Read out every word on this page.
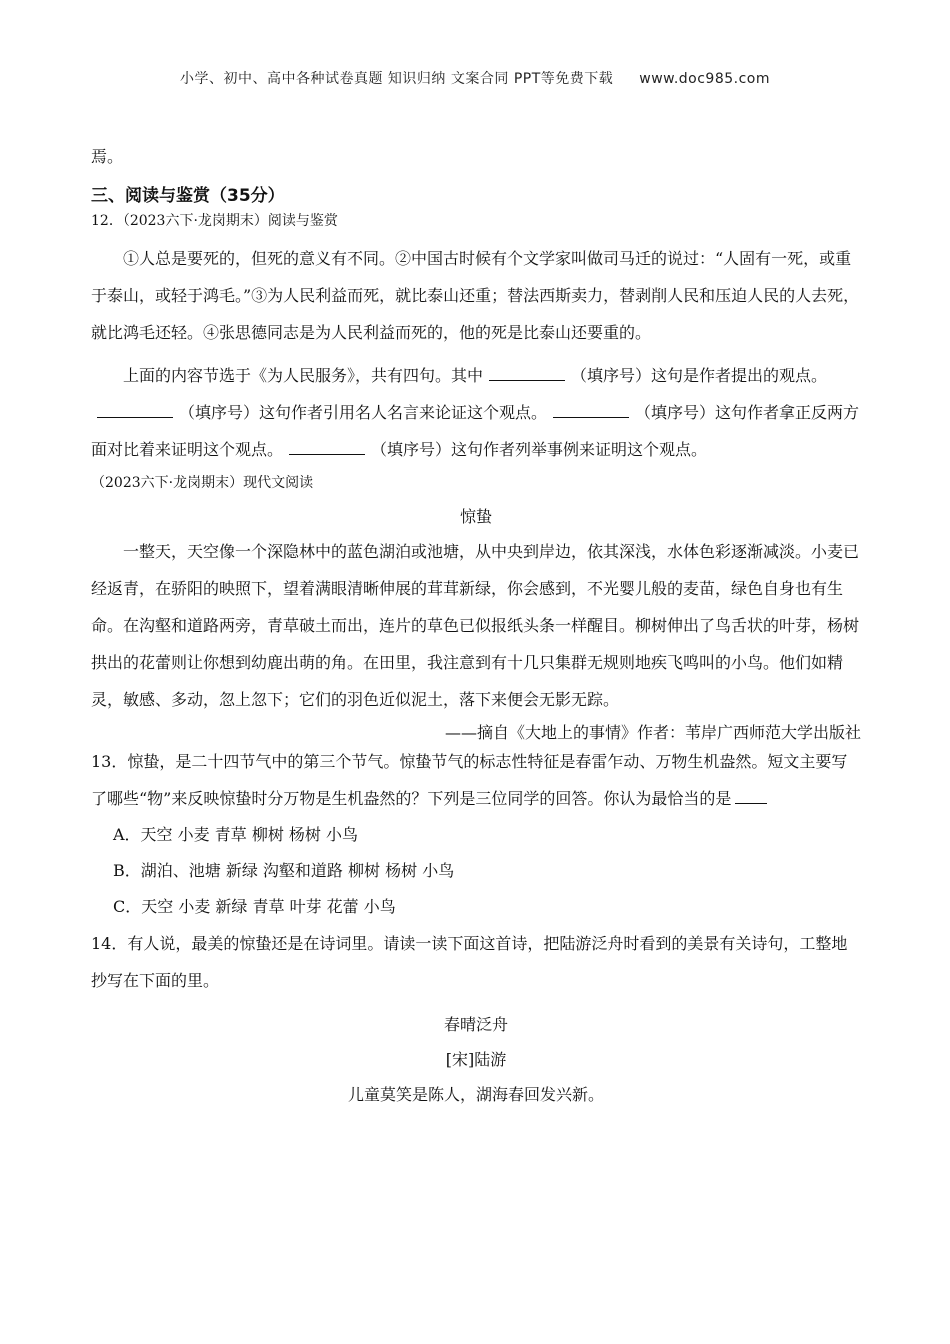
小学、初中、高中各种试卷真题 知识归纳 文案合同 PPT等免费下载 www.doc985.com
焉。
三、阅读与鉴赏（35分）
12．（2023六下·龙岗期末）阅读与鉴赏

①人总是要死的，但死的意义有不同。②中国古时候有个文学家叫做司马迁的说过：“人固有一死，或重于泰山，或轻于鸿毛。”③为人民利益而死，就比泰山还重；替法西斯卖力，替剥削人民和压迫人民的人去死，就比鸿毛还轻。④张思德同志是为人民利益而死的，他的死是比泰山还要重的。

上面的内容节选于《为人民服务》，共有四句。其中	（填序号）这句是作者提出的观点。（填序号）这句作者引用名人名言来论证这个观点。	（填序号）这句作者拿正反两方面对比着来证明这个观点。	（填序号）这句作者列举事例来证明这个观点。

（2023六下·龙岗期末）现代文阅读
惊蛰

一整天，天空像一个深隐林中的蓝色湖泊或池塘，从中央到岸边，依其深浅，水体色彩逐渐减淡。小麦已经返青，在骄阳的映照下，望着满眼清晰伸展的茸茸新绿，你会感到，不光婴儿般的麦苗，绿色自身也有生命。在沟壑和道路两旁，青草破土而出，连片的草色已似报纸头条一样醒目。柳树伸出了鸟舌状的叶芽，杨树拱出的花蕾则让你想到幼鹿出萌的角。在田里，我注意到有十几只集群无规则地疾飞鸣叫的小鸟。他们如精灵，敏感、多动，忽上忽下；它们的羽色近似泥土，落下来便会无影无踪。

——摘自《大地上的事情》作者：苇岸广西师范大学出版社

13．惊蛰，是二十四节气中的第三个节气。惊蛰节气的标志性特征是春雷乍动、万物生机盎然。短文主要写了哪些“物”来反映惊蛰时分万物是生机盎然的？下列是三位同学的回答。你认为最恰当的是

A．天空 小麦 青草 柳树 杨树 小鸟
B．湖泊、池塘 新绿 沟壑和道路 柳树 杨树 小鸟
C．天空 小麦 新绿 青草 叶芽 花蕾 小鸟

14．有人说，最美的惊蛰还是在诗词里。请读一读下面这首诗，把陆游泛舟时看到的美景有关诗句，工整地抄写在下面的里。

春晴泛舟
[宋]陆游
儿童莫笑是陈人，湖海春回发兴新。
